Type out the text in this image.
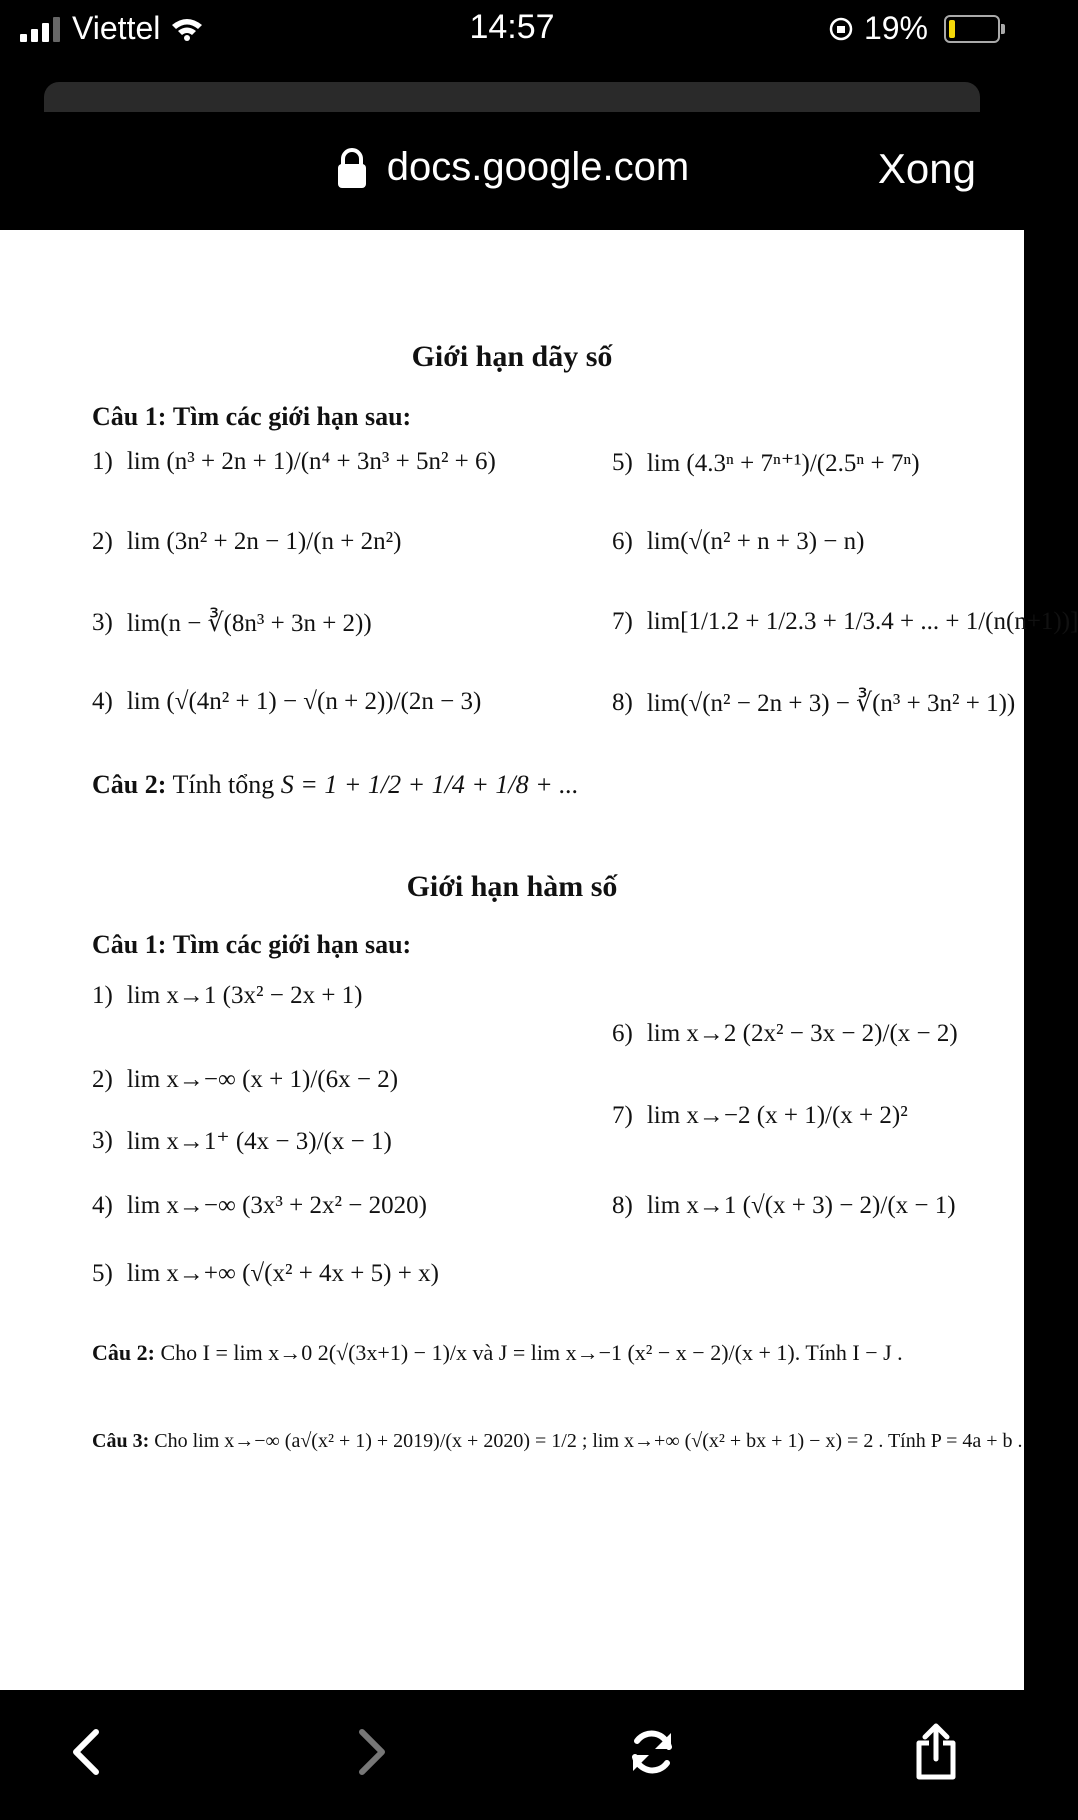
Viettel	14:57	19%
docs.google.com	Xong
Giới hạn dãy số
Câu 1: Tìm các giới hạn sau:
1) lim (n³ + 2n + 1)/(n⁴ + 3n³ + 5n² + 6)
2) lim (3n² + 2n − 1)/(n + 2n²)
3) lim(n − ∛(8n³ + 3n + 2))
4) lim (√(4n² + 1) − √(n + 2))/(2n − 3)
5) lim (4.3ⁿ + 7ⁿ⁺¹)/(2.5ⁿ + 7ⁿ)
6) lim(√(n² + n + 3) − n)
7) lim[1/1.2 + 1/2.3 + 1/3.4 + ... + 1/(n(n+1))]
8) lim(√(n² − 2n + 3) − ∛(n³ + 3n² + 1))
Câu 2: Tính tổng S = 1 + 1/2 + 1/4 + 1/8 + ...
Giới hạn hàm số
Câu 1: Tìm các giới hạn sau:
1) lim x→1 (3x² − 2x + 1)
2) lim x→−∞ (x + 1)/(6x − 2)
3) lim x→1⁺ (4x − 3)/(x − 1)
4) lim x→−∞ (3x³ + 2x² − 2020)
5) lim x→+∞ (√(x² + 4x + 5) + x)
6) lim x→2 (2x² − 3x − 2)/(x − 2)
7) lim x→−2 (x + 1)/(x + 2)²
8) lim x→1 (√(x + 3) − 2)/(x − 1)
Câu 2: Cho I = lim x→0 2(√(3x+1) − 1)/x và J = lim x→−1 (x² − x − 2)/(x + 1). Tính I − J .
Câu 3: Cho lim x→−∞ (a√(x² + 1) + 2019)/(x + 2020) = 1/2 ; lim x→+∞ (√(x² + bx + 1) − x) = 2 . Tính P = 4a + b .
